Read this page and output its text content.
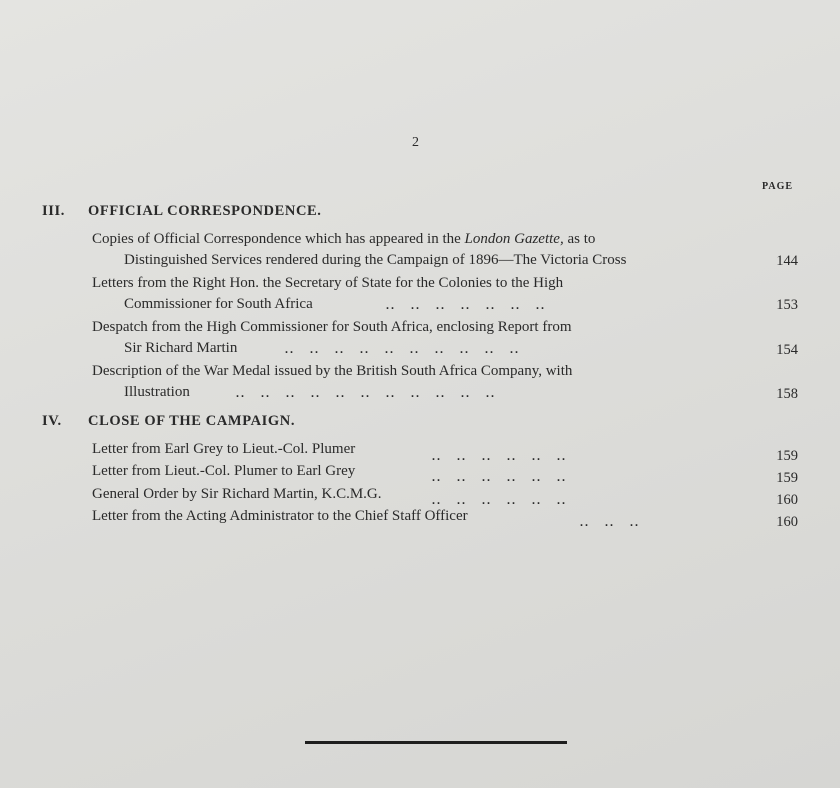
2
PAGE
III. OFFICIAL CORRESPONDENCE.
Copies of Official Correspondence which has appeared in the London Gazette, as to
Distinguished Services rendered during the Campaign of 1896—The Victoria Cross	144
Letters from the Right Hon. the Secretary of State for the Colonies to the High
Commissioner for South Africa	..   ..   ..   ..   ..   ..   ..	153
Despatch from the High Commissioner for South Africa, enclosing Report from
Sir Richard Martin	..   ..   ..   ..   ..   ..   ..   ..   ..   ..	154
Description of the War Medal issued by the British South Africa Company, with
Illustration	..   ..   ..   ..   ..   ..   ..   ..   ..   ..   ..	158
IV. CLOSE OF THE CAMPAIGN.
Letter from Earl Grey to Lieut.-Col. Plumer	..   ..   ..   ..   ..   ..	159
Letter from Lieut.-Col. Plumer to Earl Grey	..   ..   ..   ..   ..   ..	159
General Order by Sir Richard Martin, K.C.M.G.	..   ..   ..   ..   ..   ..	160
Letter from the Acting Administrator to the Chief Staff Officer	..   ..   ..	160
